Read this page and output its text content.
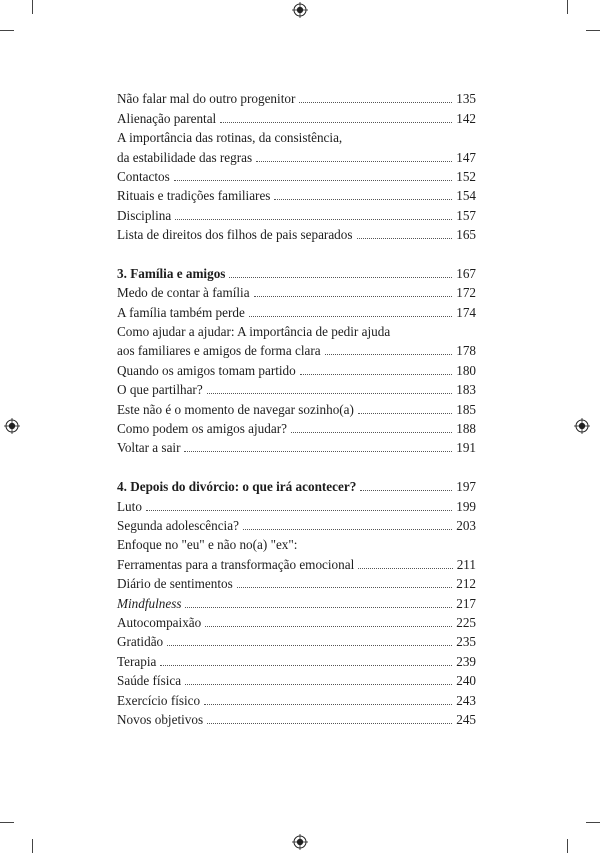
Não falar mal do outro progenitor	135
Alienação parental	142
A importância das rotinas, da consistência,
da estabilidade das regras	147
Contactos	152
Rituais e tradições familiares	154
Disciplina	157
Lista de direitos dos filhos de pais separados	165
3. Família e amigos	167
Medo de contar à família	172
A família também perde	174
Como ajudar a ajudar: A importância de pedir ajuda
aos familiares e amigos de forma clara	178
Quando os amigos tomam partido	180
O que partilhar?	183
Este não é o momento de navegar sozinho(a)	185
Como podem os amigos ajudar?	188
Voltar a sair	191
4. Depois do divórcio: o que irá acontecer?	197
Luto	199
Segunda adolescência?	203
Enfoque no "eu" e não no(a) "ex":
Ferramentas para a transformação emocional	211
Diário de sentimentos	212
Mindfulness	217
Autocompaixão	225
Gratidão	235
Terapia	239
Saúde física	240
Exercício físico	243
Novos objetivos	245
